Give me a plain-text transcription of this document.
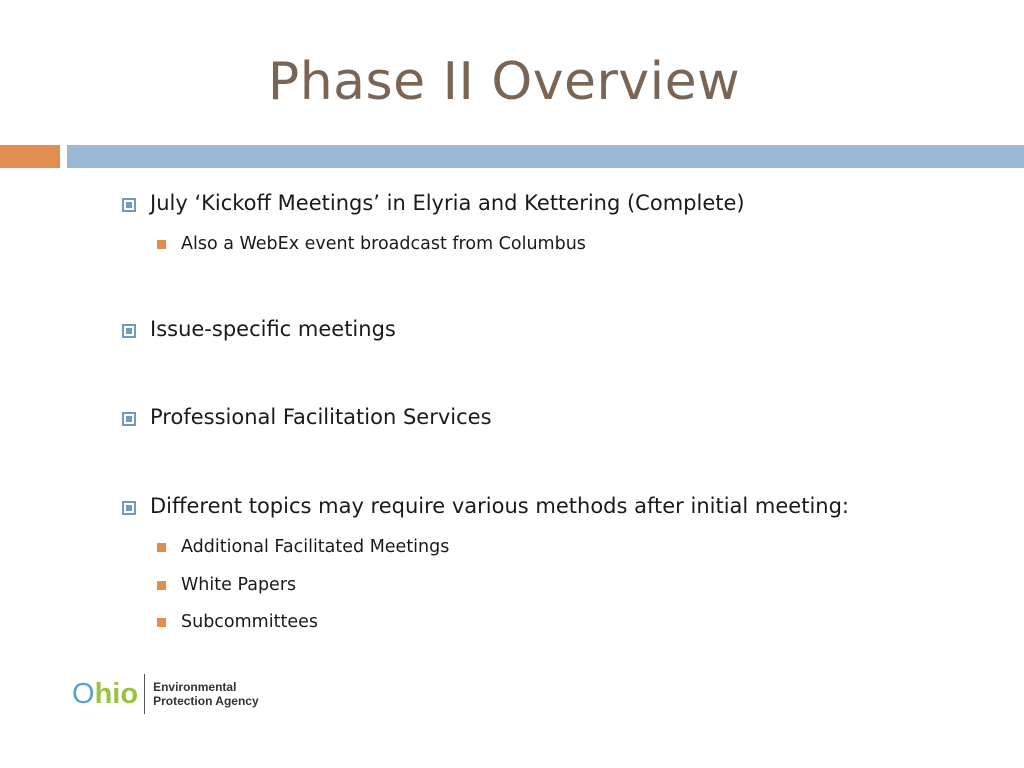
Phase II Overview
July ‘Kickoff Meetings’ in Elyria and Kettering (Complete)
Also a WebEx event broadcast from Columbus
Issue-specific meetings
Professional Facilitation Services
Different topics may require various methods after initial meeting:
Additional Facilitated Meetings
White Papers
Subcommittees
Ohio Environmental
Protection Agency
